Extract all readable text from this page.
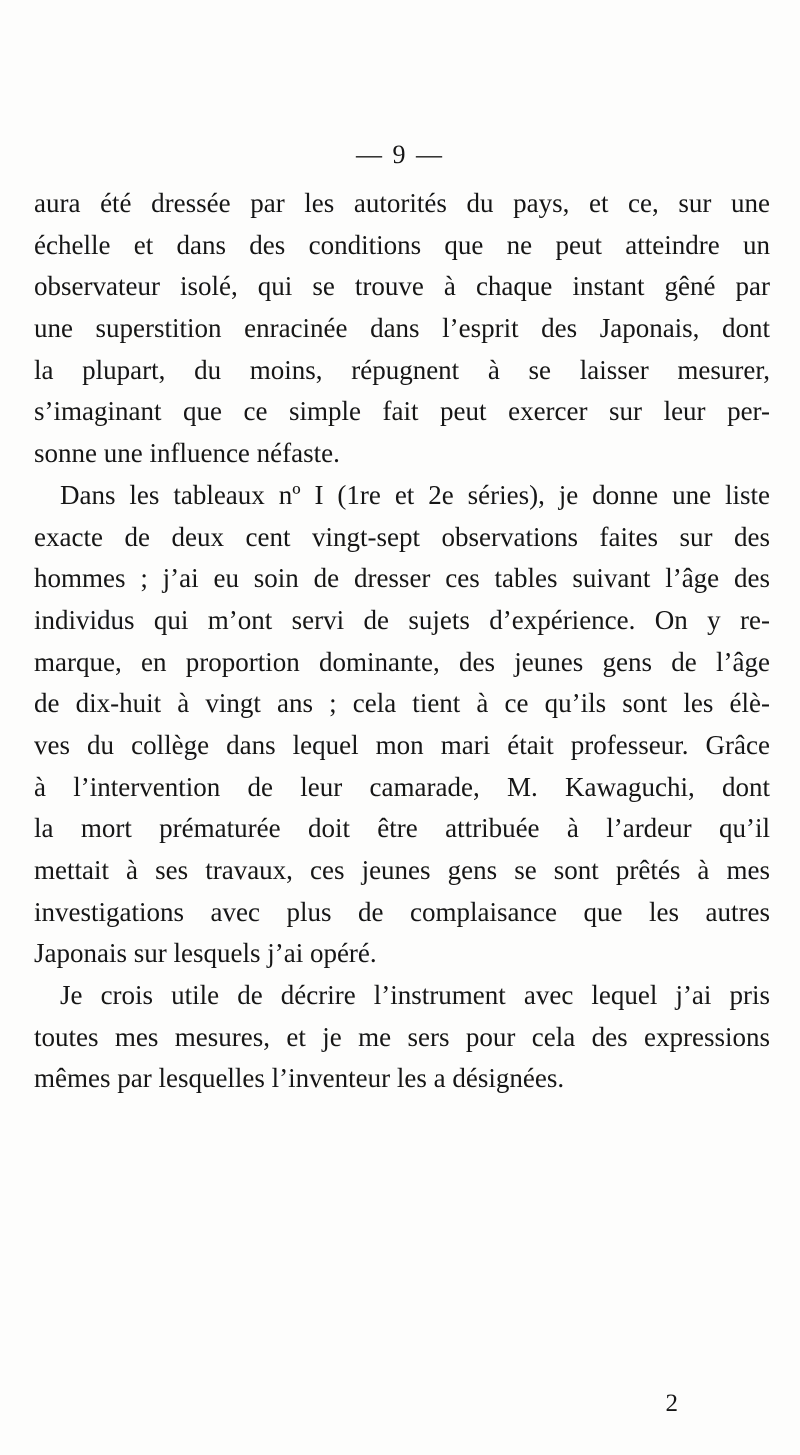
— 9 —
aura été dressée par les autorités du pays, et ce, sur une
échelle et dans des conditions que ne peut atteindre un
observateur isolé, qui se trouve à chaque instant gêné par
une superstition enracinée dans l’esprit des Japonais, dont
la plupart, du moins, répugnent à se laisser mesurer,
s’imaginant que ce simple fait peut exercer sur leur per-
sonne une influence néfaste.
Dans les tableaux nº I (1re et 2e séries), je donne une liste
exacte de deux cent vingt-sept observations faites sur des
hommes ; j’ai eu soin de dresser ces tables suivant l’âge des
individus qui m’ont servi de sujets d’expérience. On y re-
marque, en proportion dominante, des jeunes gens de l’âge
de dix-huit à vingt ans ; cela tient à ce qu’ils sont les élè-
ves du collège dans lequel mon mari était professeur. Grâce
à l’intervention de leur camarade, M. Kawaguchi, dont
la mort prématurée doit être attribuée à l’ardeur qu’il
mettait à ses travaux, ces jeunes gens se sont prêtés à mes
investigations avec plus de complaisance que les autres
Japonais sur lesquels j’ai opéré.
Je crois utile de décrire l’instrument avec lequel j’ai pris
toutes mes mesures, et je me sers pour cela des expressions
mêmes par lesquelles l’inventeur les a désignées.
2
